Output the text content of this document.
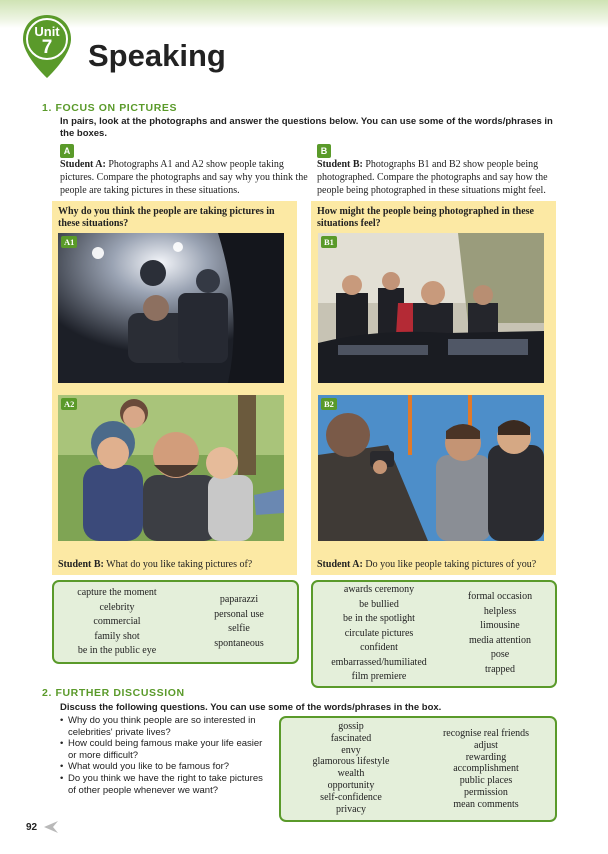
Unit
7	Speaking
1. FOCUS ON PICTURES
In pairs, look at the photographs and answer the questions below. You can use some of the words/phrases in the boxes.
A
Student A: Photographs A1 and A2 show people taking pictures. Compare the photographs and say why you think the people are taking pictures in these situations.
B
Student B: Photographs B1 and B2 show people being photographed. Compare the photographs and say how the people being photographed in these situations might feel.
Why do you think the people are taking pictures in these situations?
A1
A2
Student B: What do you like taking pictures of?
How might the people being photographed in these situations feel?
B1
B2
Student A: Do you like people taking pictures of you?
capture the moment
celebrity
commercial
family shot
be in the public eye
paparazzi
personal use
selfie
spontaneous
awards ceremony
be bullied
be in the spotlight
circulate pictures
confident
embarrassed/humiliated
film premiere
formal occasion
helpless
limousine
media attention
pose
trapped
2. FURTHER DISCUSSION
Discuss the following questions. You can use some of the words/phrases in the box.
• Why do you think people are so interested in celebrities' private lives?
• How could being famous make your life easier or more difficult?
• What would you like to be famous for?
• Do you think we have the right to take pictures of other people whenever we want?
gossip
fascinated
envy
glamorous lifestyle
wealth
opportunity
self-confidence
privacy
recognise real friends
adjust
rewarding
accomplishment
public places
permission
mean comments
92
